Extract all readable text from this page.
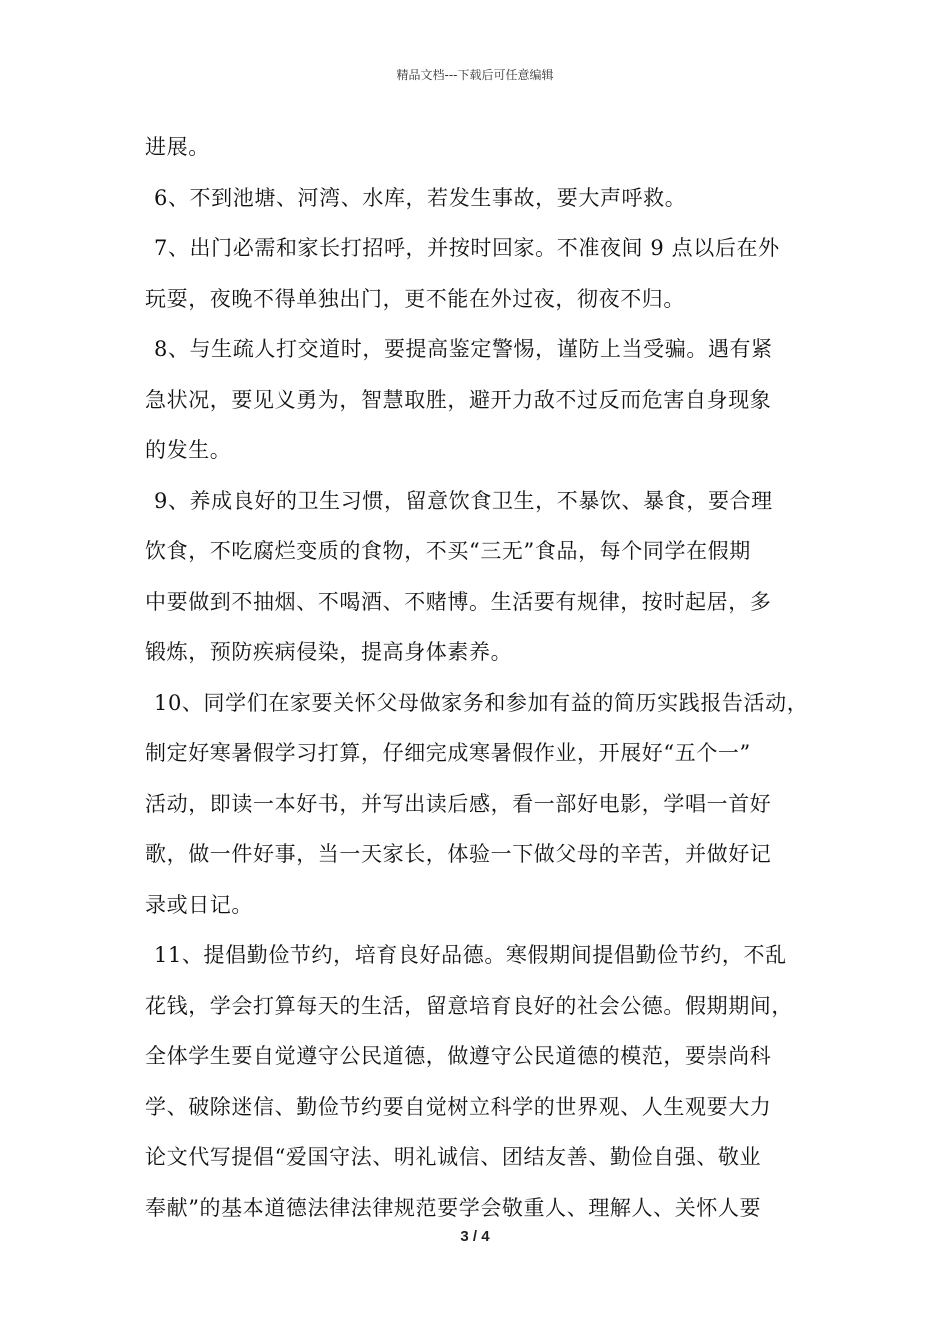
精品文档---下载后可任意编辑
进展。
6、不到池塘、河湾、水库，若发生事故，要大声呼救。
7、出门必需和家长打招呼，并按时回家。不准夜间 9 点以后在外
玩耍，夜晚不得单独出门，更不能在外过夜，彻夜不归。
8、与生疏人打交道时，要提高鉴定警惕，谨防上当受骗。遇有紧
急状况，要见义勇为，智慧取胜，避开力敌不过反而危害自身现象
的发生。
9、养成良好的卫生习惯，留意饮食卫生，不暴饮、暴食，要合理
饮食，不吃腐烂变质的食物，不买“三无”食品，每个同学在假期
中要做到不抽烟、不喝酒、不赌博。生活要有规律，按时起居，多
锻炼，预防疾病侵染，提高身体素养。
10、同学们在家要关怀父母做家务和参加有益的简历实践报告活动，
制定好寒暑假学习打算，仔细完成寒暑假作业，开展好“五个一”
活动，即读一本好书，并写出读后感，看一部好电影，学唱一首好
歌，做一件好事，当一天家长，体验一下做父母的辛苦，并做好记
录或日记。
11、提倡勤俭节约，培育良好品德。寒假期间提倡勤俭节约，不乱
花钱，学会打算每天的生活，留意培育良好的社会公德。假期期间，
全体学生要自觉遵守公民道德，做遵守公民道德的模范，要崇尚科
学、破除迷信、勤俭节约要自觉树立科学的世界观、人生观要大力
论文代写提倡“爱国守法、明礼诚信、团结友善、勤俭自强、敬业
奉献”的基本道德法律法律规范要学会敬重人、理解人、关怀人要
3 / 4
